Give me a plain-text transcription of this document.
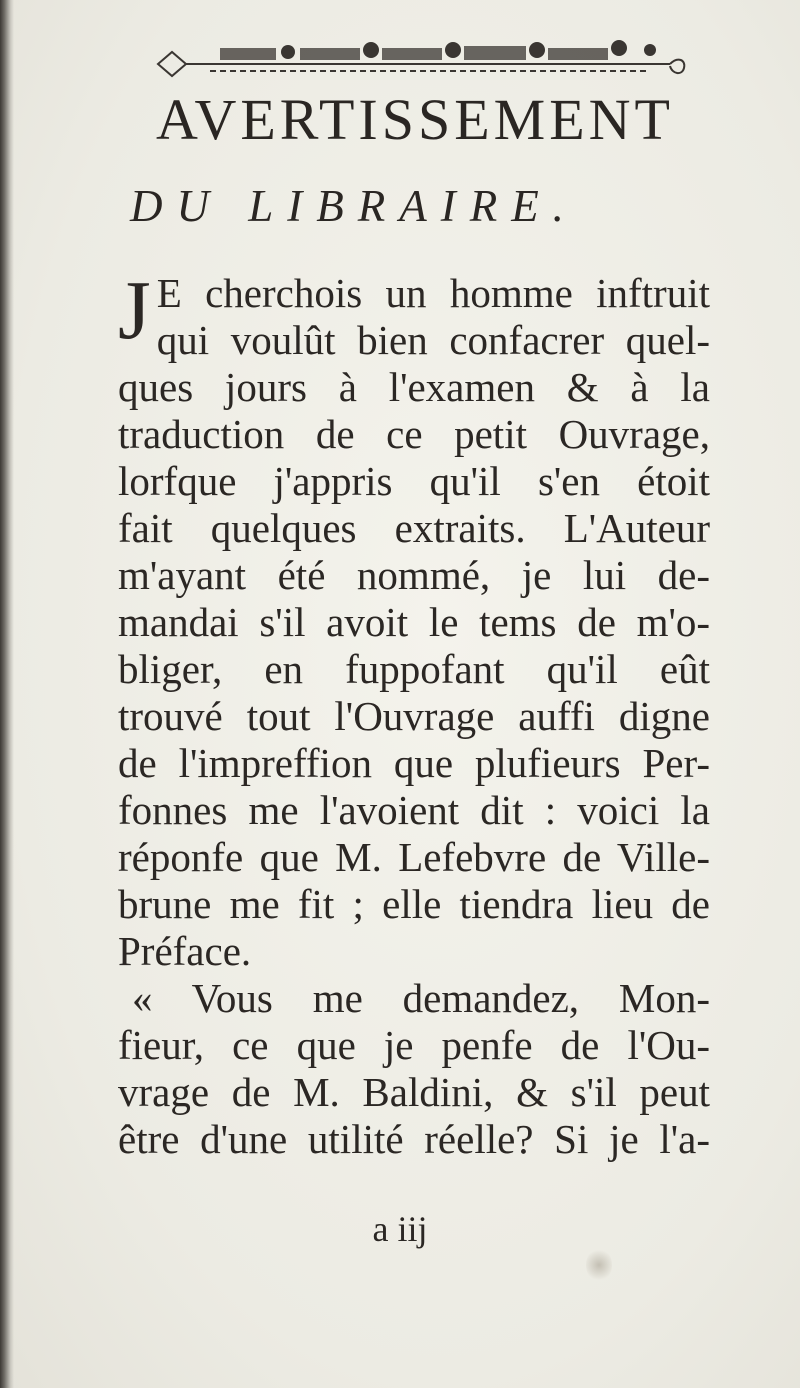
AVERTISSEMENT
DU LIBRAIRE.
J E cherchois un homme inftruit
qui voulût bien confacrer quel-
ques jours à l'examen & à la
traduction de ce petit Ouvrage,
lorfque j'appris qu'il s'en étoit
fait quelques extraits. L'Auteur
m'ayant été nommé, je lui de-
mandai s'il avoit le tems de m'o-
bliger, en fuppofant qu'il eût
trouvé tout l'Ouvrage auffi digne
de l'impreffion que plufieurs Per-
fonnes me l'avoient dit : voici la
réponfe que M. Lefebvre de Ville-
brune me fit ; elle tiendra lieu de
Préface.
« Vous me demandez, Mon-
fieur, ce que je penfe de l'Ou-
vrage de M. Baldini, & s'il peut
être d'une utilité réelle? Si je l'a-
a iij
